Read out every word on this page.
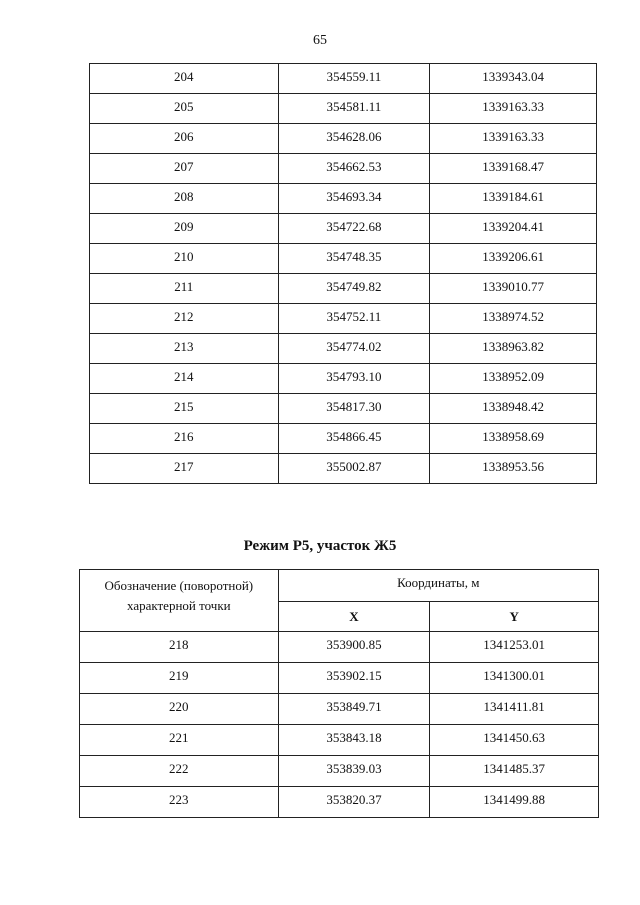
65
204	354559.11	1339343.04
205	354581.11	1339163.33
206	354628.06	1339163.33
207	354662.53	1339168.47
208	354693.34	1339184.61
209	354722.68	1339204.41
210	354748.35	1339206.61
211	354749.82	1339010.77
212	354752.11	1338974.52
213	354774.02	1338963.82
214	354793.10	1338952.09
215	354817.30	1338948.42
216	354866.45	1338958.69
217	355002.87	1338953.56
Режим Р5, участок Ж5
Обозначение (поворотной)
характерной точки	Координаты, м	
	X	Y
218	353900.85	1341253.01
219	353902.15	1341300.01
220	353849.71	1341411.81
221	353843.18	1341450.63
222	353839.03	1341485.37
223	353820.37	1341499.88
